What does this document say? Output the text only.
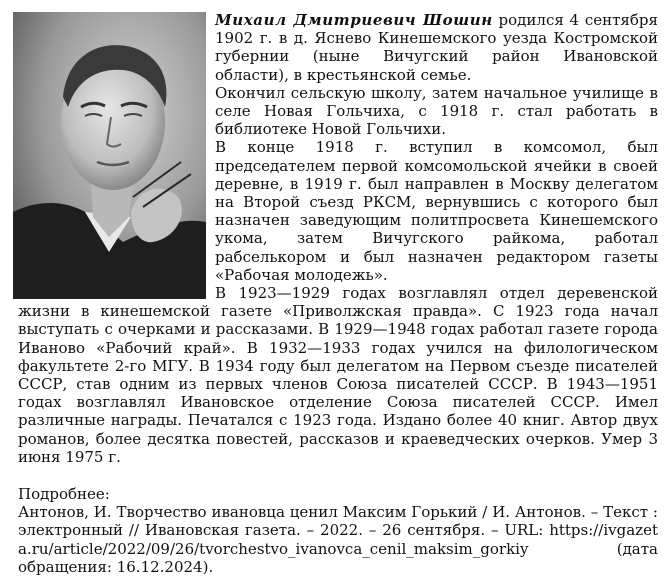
Михаил Дмитриевич Шошин родился 4 сентября 1902 г. в д. Яснево Кинешемского уезда Костромской губернии (ныне Вичугский район Ивановской области), в крестьянской семье.

Окончил сельскую школу, затем начальное училище в селе Новая Гольчиха, с 1918 г. стал работать в библиотеке Новой Гольчихи.

В конце 1918 г. вступил в комсомол, был председателем первой комсомольской ячейки в своей деревне, в 1919 г. был направлен в Москву делегатом на Второй съезд РКСМ, вернувшись с которого был назначен заведующим политпросвета Кинешемского укома, затем Вичугского райкома, работал рабселькором и был назначен редактором газеты «Рабочая молодежь».

В 1923—1929 годах возглавлял отдел деревенской жизни в кинешемской газете «Приволжская правда». С 1923 года начал выступать с очерками и рассказами. В 1929—1948 годах работал газете города Иваново «Рабочий край». В 1932—1933 годах учился на филологическом факультете 2-го МГУ. В 1934 году был делегатом на Первом съезде писателей СССР, став одним из первых членов Союза писателей СССР. В 1943—1951 годах возглавлял Ивановское отделение Союза писателей СССР. Имел различные награды. Печатался с 1923 года. Издано более 40 книг. Автор двух романов, более десятка повестей, рассказов и краеведческих очерков. Умер 3 июня 1975 г.

Подробнее:

Антонов, И. Творчество ивановца ценил Максим Горький / И. Антонов. – Текст : электронный // Ивановская газета. – 2022. – 26 сентября. – URL: https://ivgazeta.ru/article/2022/09/26/tvorchestvo_ivanovca_cenil_maksim_gorkiy (дата обращения: 16.12.2024).
